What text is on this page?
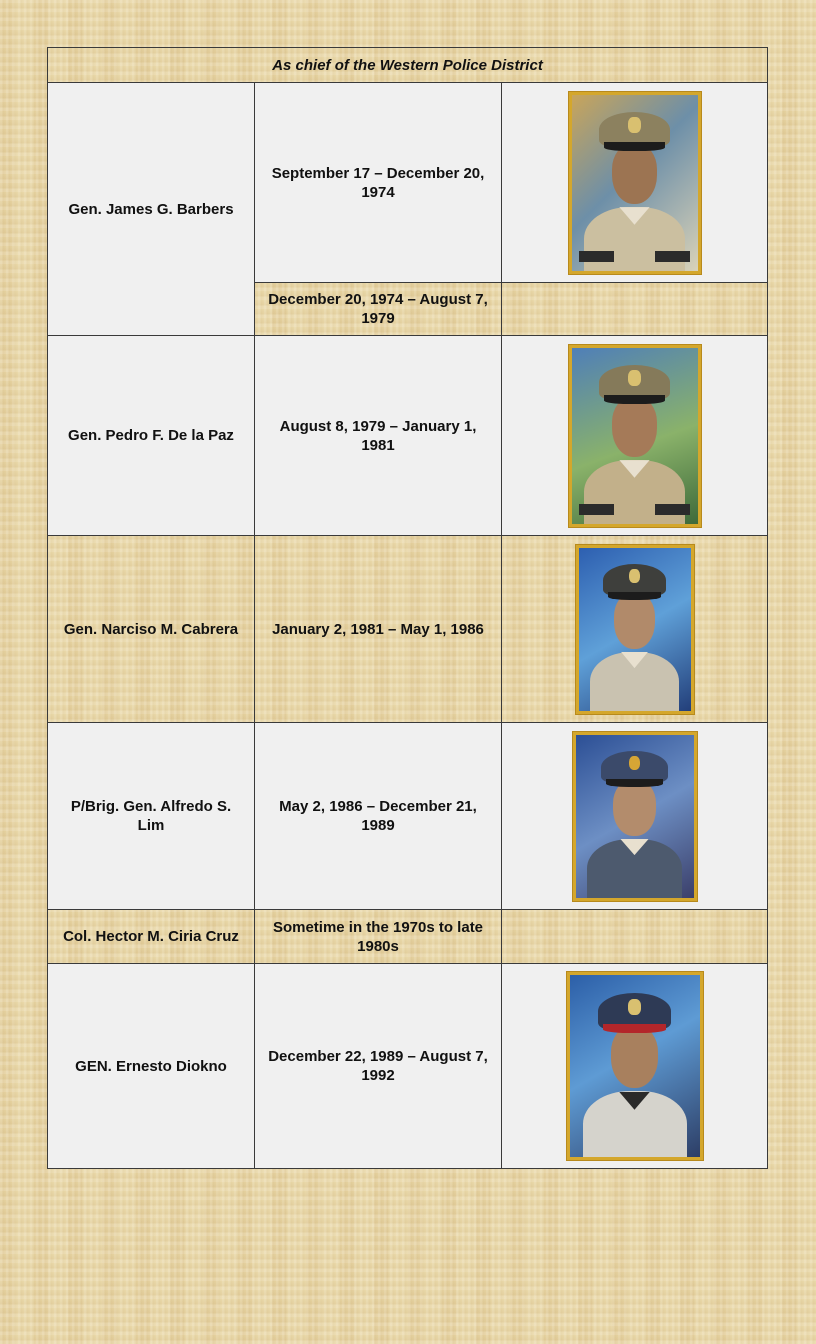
As chief of the Western Police District		
Gen. James G. Barbers	September 17 – December 20, 1974	

	December 20, 1974 – August 7, 1979	
Gen. Pedro F. De la Paz	August 8, 1979 – January 1, 1981	

Gen. Narciso M. Cabrera	January 2, 1981 – May 1, 1986	

P/Brig. Gen. Alfredo S. Lim	May 2, 1986 – December 21, 1989	

Col. Hector M. Ciria Cruz	Sometime in the 1970s to late 1980s	
GEN. Ernesto Diokno	December 22, 1989 – August 7, 1992	
